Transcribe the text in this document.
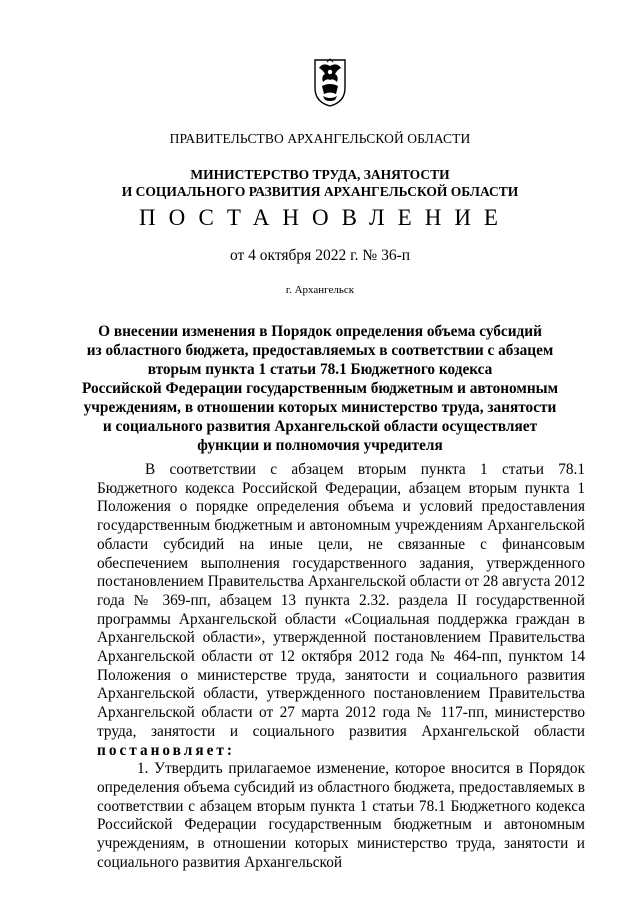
ПРАВИТЕЛЬСТВО АРХАНГЕЛЬСКОЙ ОБЛАСТИ
МИНИСТЕРСТВО ТРУДА, ЗАНЯТОСТИ
И СОЦИАЛЬНОГО РАЗВИТИЯ АРХАНГЕЛЬСКОЙ ОБЛАСТИ
ПОСТАНОВЛЕНИЕ
от 4 октября 2022 г. № 36-п
г. Архангельск
О внесении изменения в Порядок определения объема субсидий
из областного бюджета, предоставляемых в соответствии с абзацем
вторым пункта 1 статьи 78.1 Бюджетного кодекса
Российской Федерации государственным бюджетным и автономным
учреждениям, в отношении которых министерство труда, занятости
и социального развития Архангельской области осуществляет
функции и полномочия учредителя

В соответствии с абзацем вторым пункта 1 статьи 78.1 Бюджетного кодекса Российской Федерации, абзацем вторым пункта 1 Положения о порядке определения объема и условий предоставления государственным бюджетным и автономным учреждениям Архангельской области субсидий на иные цели, не связанные с финансовым обеспечением выполнения государственного задания, утвержденного постановлением Правительства Архангельской области от 28 августа 2012 года № 369-пп, абзацем 13 пункта 2.32. раздела II государственной программы Архангельской области «Социальная поддержка граждан в Архангельской области», утвержденной постановлением Правительства Архангельской области от 12 октября 2012 года № 464-пп, пунктом 14 Положения о министерстве труда, занятости и социального развития Архангельской области, утвержденного постановлением Правительства Архангельской области от 27 марта 2012 года № 117-пп, министерство труда, занятости и социального развития Архангельской области постановляет:

1. Утвердить прилагаемое изменение, которое вносится в Порядок определения объема субсидий из областного бюджета, предоставляемых в соответствии с абзацем вторым пункта 1 статьи 78.1 Бюджетного кодекса Российской Федерации государственным бюджетным и автономным учреждениям, в отношении которых министерство труда, занятости и социального развития Архангельской
